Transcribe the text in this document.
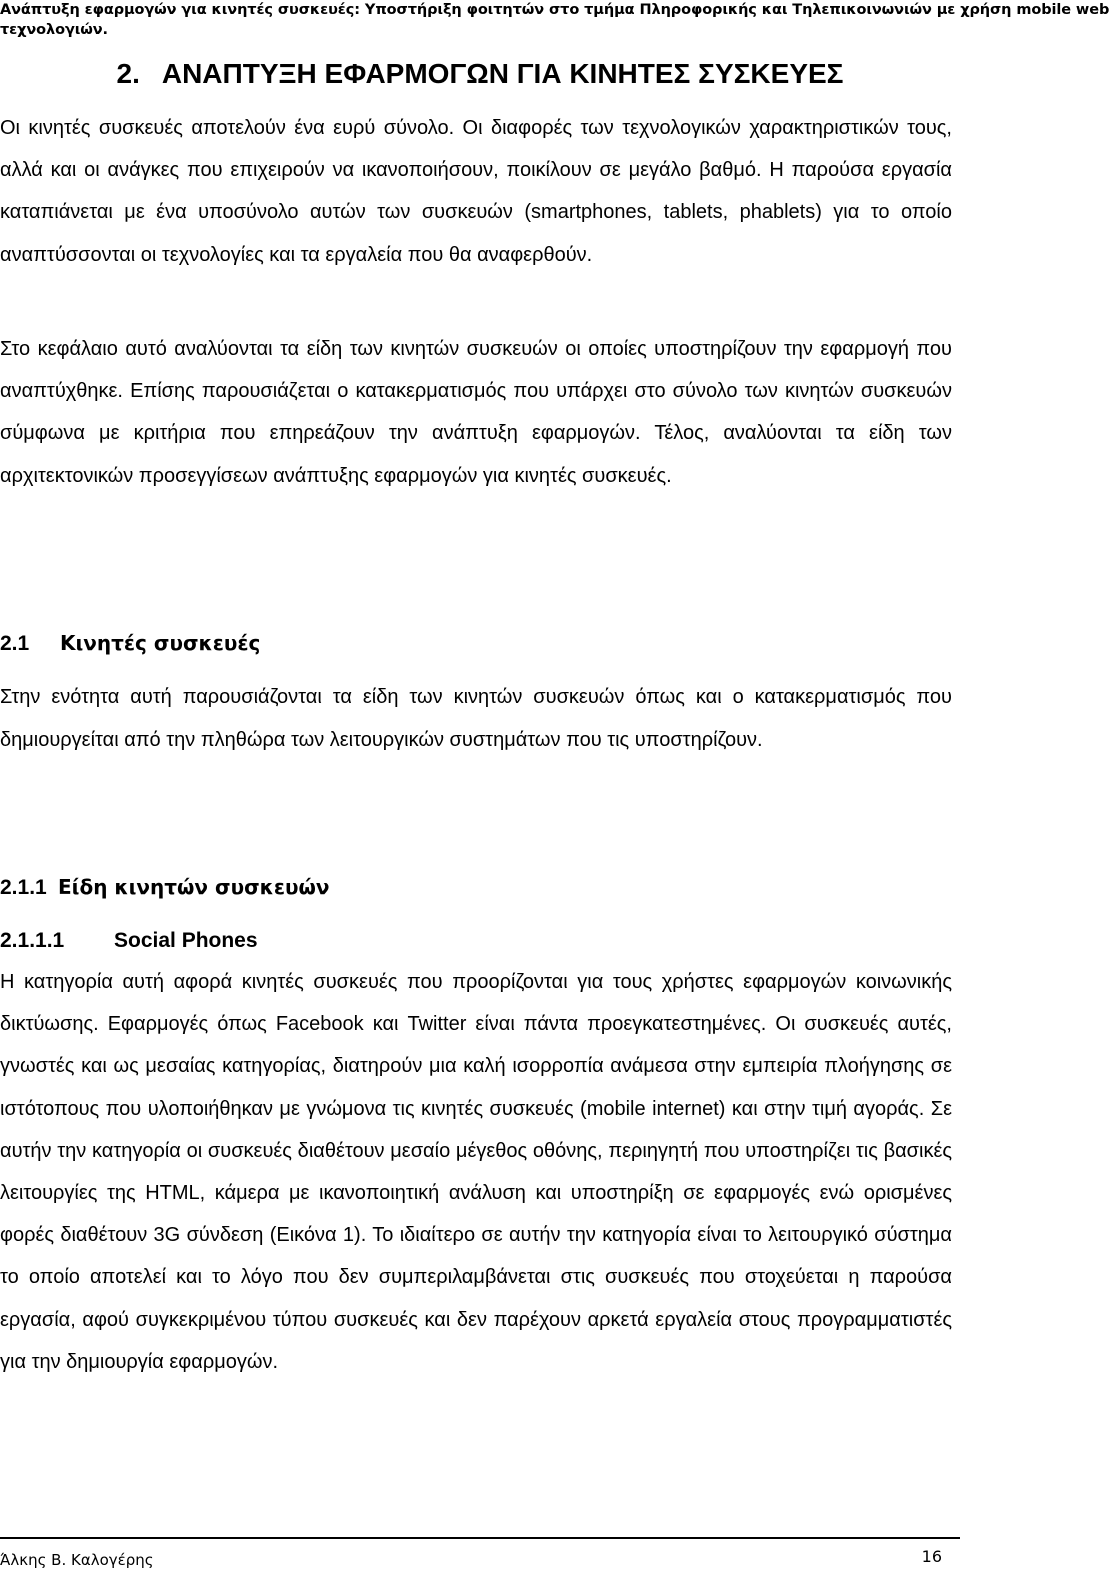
Ανάπτυξη εφαρμογών για κινητές συσκευές: Υποστήριξη φοιτητών στο τμήμα Πληροφορικής και Τηλεπικοινωνιών με χρήση mobile web
τεχνολογιών.
2. ΑΝΑΠΤΥΞΗ ΕΦΑΡΜΟΓΩΝ ΓΙΑ ΚΙΝΗΤΕΣ ΣΥΣΚΕΥΕΣ

Οι κινητές συσκευές αποτελούν ένα ευρύ σύνολο. Οι διαφορές των τεχνολογικών χαρακτηριστικών τους, αλλά και οι ανάγκες που επιχειρούν να ικανοποιήσουν, ποικίλουν σε μεγάλο βαθμό. Η παρούσα εργασία καταπιάνεται με ένα υποσύνολο αυτών των συσκευών (smartphones, tablets, phablets) για το οποίο αναπτύσσονται οι τεχνολογίες και τα εργαλεία που θα αναφερθούν.

Στο κεφάλαιο αυτό αναλύονται τα είδη των κινητών συσκευών οι οποίες υποστηρίζουν την εφαρμογή που αναπτύχθηκε. Επίσης παρουσιάζεται ο κατακερματισμός που υπάρχει στο σύνολο των κινητών συσκευών σύμφωνα με κριτήρια που επηρεάζουν την ανάπτυξη εφαρμογών. Τέλος, αναλύονται τα είδη των αρχιτεκτονικών προσεγγίσεων ανάπτυξης εφαρμογών για κινητές συσκευές.

2.1 Κινητές συσκευές

Στην ενότητα αυτή παρουσιάζονται τα είδη των κινητών συσκευών όπως και ο κατακερματισμός που δημιουργείται από την πληθώρα των λειτουργικών συστημάτων που τις υποστηρίζουν.

2.1.1 Είδη κινητών συσκευών
2.1.1.1 Social Phones

Η κατηγορία αυτή αφορά κινητές συσκευές που προορίζονται για τους χρήστες εφαρμογών κοινωνικής δικτύωσης. Εφαρμογές όπως Facebook και Twitter είναι πάντα προεγκατεστημένες. Οι συσκευές αυτές, γνωστές και ως μεσαίας κατηγορίας, διατηρούν μια καλή ισορροπία ανάμεσα στην εμπειρία πλοήγησης σε ιστότοπους που υλοποιήθηκαν με γνώμονα τις κινητές συσκευές (mobile internet) και στην τιμή αγοράς. Σε αυτήν την κατηγορία οι συσκευές διαθέτουν μεσαίο μέγεθος οθόνης, περιηγητή που υποστηρίζει τις βασικές λειτουργίες της HTML, κάμερα με ικανοποιητική ανάλυση και υποστηρίξη σε εφαρμογές ενώ ορισμένες φορές διαθέτουν 3G σύνδεση (Εικόνα 1). Το ιδιαίτερο σε αυτήν την κατηγορία είναι το λειτουργικό σύστημα το οποίο αποτελεί και το λόγο που δεν συμπεριλαμβάνεται στις συσκευές που στοχεύεται η παρούσα εργασία, αφού συγκεκριμένου τύπου συσκευές και δεν παρέχουν αρκετά εργαλεία στους προγραμματιστές για την δημιουργία εφαρμογών.

Άλκης Β. Καλογέρης	16
